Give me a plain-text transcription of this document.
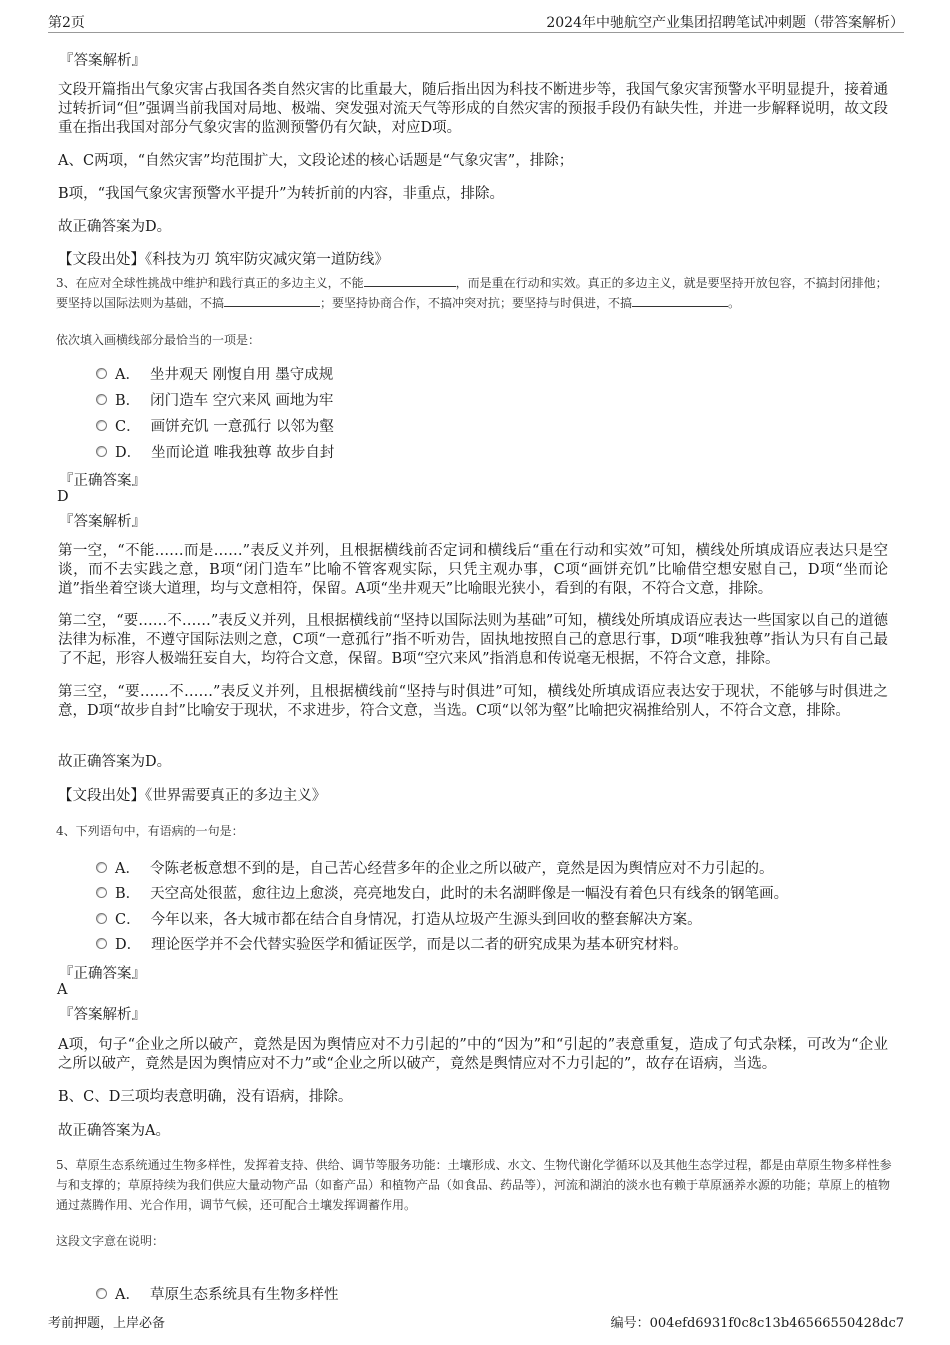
第2页	2024年中驰航空产业集团招聘笔试冲刺题（带答案解析）
『答案解析』
文段开篇指出气象灾害占我国各类自然灾害的比重最大，随后指出因为科技不断进步等，我国气象灾害预警水平明显提升，接着通过转折词“但”强调当前我国对局地、极端、突发强对流天气等形成的自然灾害的预报手段仍有缺失性，并进一步解释说明，故文段重在指出我国对部分气象灾害的监测预警仍有欠缺，对应D项。
A、C两项，“自然灾害”均范围扩大，文段论述的核心话题是“气象灾害”，排除；
B项，“我国气象灾害预警水平提升”为转折前的内容，非重点，排除。
故正确答案为D。
【文段出处】《科技为刃 筑牢防灾减灾第一道防线》
3、在应对全球性挑战中维护和践行真正的多边主义，不能	，而是重在行动和实效。真正的多边主义，就是要坚持开放包容，不搞封闭排他；要坚持以国际法则为基础，不搞	；要坚持协商合作，不搞冲突对抗；要坚持与时俱进，不搞	。
依次填入画横线部分最恰当的一项是：
A． 坐井观天 刚愎自用 墨守成规
B． 闭门造车 空穴来风 画地为牢
C． 画饼充饥 一意孤行 以邻为壑
D． 坐而论道 唯我独尊 故步自封
『正确答案』
D
『答案解析』
第一空，“不能……而是……”表反义并列，且根据横线前否定词和横线后“重在行动和实效”可知，横线处所填成语应表达只是空谈，而不去实践之意，B项“闭门造车”比喻不管客观实际，只凭主观办事，C项“画饼充饥”比喻借空想安慰自己，D项“坐而论道”指坐着空谈大道理，均与文意相符，保留。A项“坐井观天”比喻眼光狭小，看到的有限，不符合文意，排除。
第二空，“要……不……”表反义并列，且根据横线前“坚持以国际法则为基础”可知，横线处所填成语应表达一些国家以自己的道德法律为标准，不遵守国际法则之意，C项“一意孤行”指不听劝告，固执地按照自己的意思行事，D项“唯我独尊”指认为只有自己最了不起，形容人极端狂妄自大，均符合文意，保留。B项“空穴来风”指消息和传说毫无根据，不符合文意，排除。
第三空，“要……不……”表反义并列，且根据横线前“坚持与时俱进”可知，横线处所填成语应表达安于现状，不能够与时俱进之意，D项“故步自封”比喻安于现状，不求进步，符合文意，当选。C项“以邻为壑”比喻把灾祸推给别人，不符合文意，排除。
故正确答案为D。
【文段出处】《世界需要真正的多边主义》
4、下列语句中，有语病的一句是：
A． 令陈老板意想不到的是，自己苦心经营多年的企业之所以破产，竟然是因为舆情应对不力引起的。
B． 天空高处很蓝，愈往边上愈淡，亮亮地发白，此时的未名湖畔像是一幅没有着色只有线条的钢笔画。
C． 今年以来，各大城市都在结合自身情况，打造从垃圾产生源头到回收的整套解决方案。
D． 理论医学并不会代替实验医学和循证医学，而是以二者的研究成果为基本研究材料。
『正确答案』
A
『答案解析』
A项，句子“企业之所以破产，竟然是因为舆情应对不力引起的”中的“因为”和“引起的”表意重复，造成了句式杂糅，可改为“企业之所以破产，竟然是因为舆情应对不力”或“企业之所以破产，竟然是舆情应对不力引起的”，故存在语病，当选。
B、C、D三项均表意明确，没有语病，排除。
故正确答案为A。
5、草原生态系统通过生物多样性，发挥着支持、供给、调节等服务功能：土壤形成、水文、生物代谢化学循环以及其他生态学过程，都是由草原生物多样性参与和支撑的；草原持续为我们供应大量动物产品（如畜产品）和植物产品（如食品、药品等），河流和湖泊的淡水也有赖于草原涵养水源的功能；草原上的植物通过蒸腾作用、光合作用，调节气候，还可配合土壤发挥调蓄作用。
这段文字意在说明：
A． 草原生态系统具有生物多样性
考前押题，上岸必备	编号：004efd6931f0c8c13b46566550428dc7
